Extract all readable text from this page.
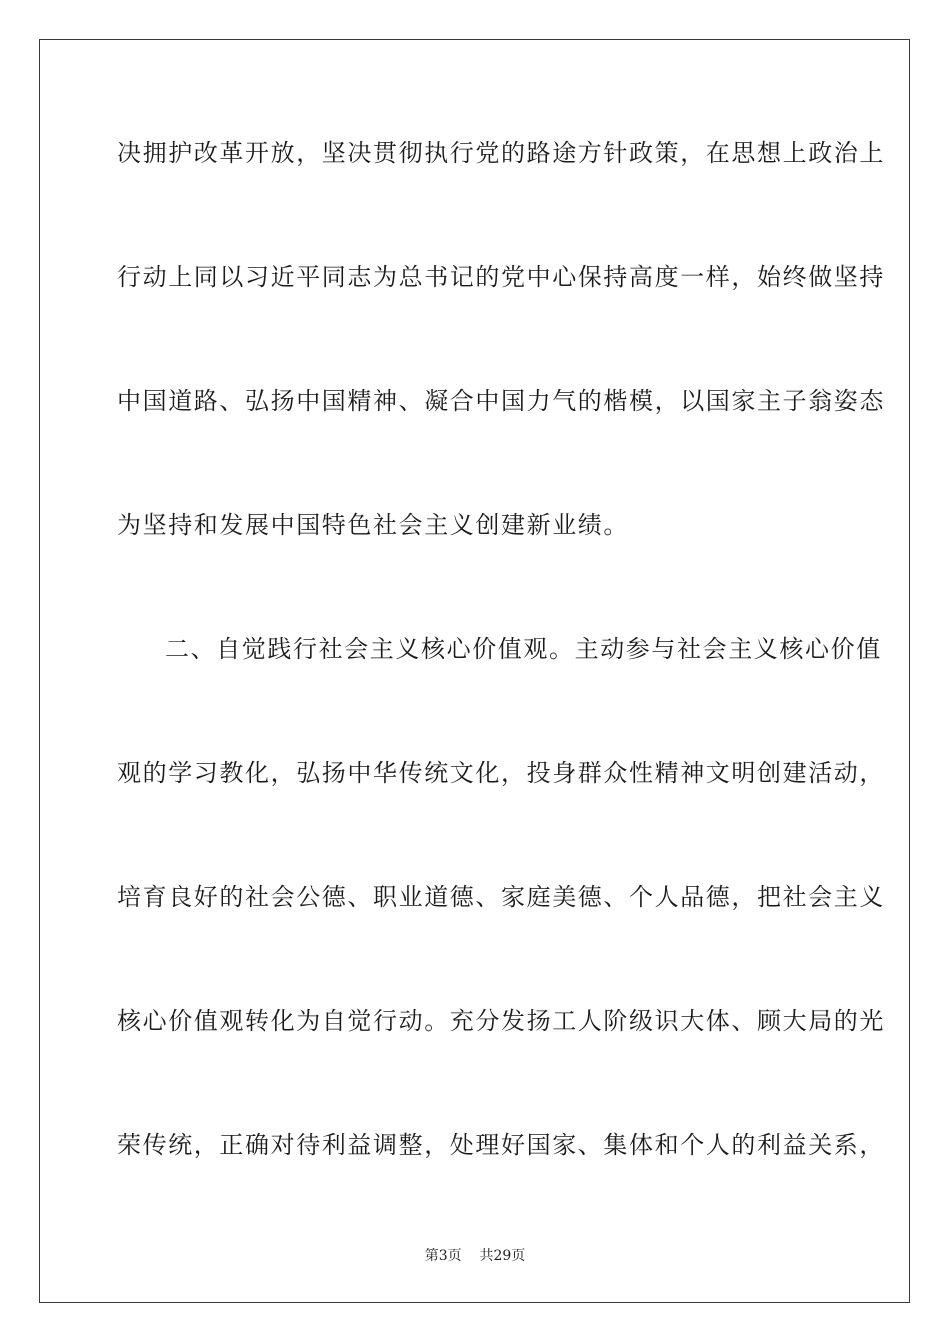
决拥护改革开放，坚决贯彻执行党的路途方针政策，在思想上政治上
行动上同以习近平同志为总书记的党中心保持高度一样，始终做坚持
中国道路、弘扬中国精神、凝合中国力气的楷模，以国家主子翁姿态
为坚持和发展中国特色社会主义创建新业绩。
二、自觉践行社会主义核心价值观。主动参与社会主义核心价值
观的学习教化，弘扬中华传统文化，投身群众性精神文明创建活动，
培育良好的社会公德、职业道德、家庭美德、个人品德，把社会主义
核心价值观转化为自觉行动。充分发扬工人阶级识大体、顾大局的光
荣传统，正确对待利益调整，处理好国家、集体和个人的利益关系，
第3页 共29页
